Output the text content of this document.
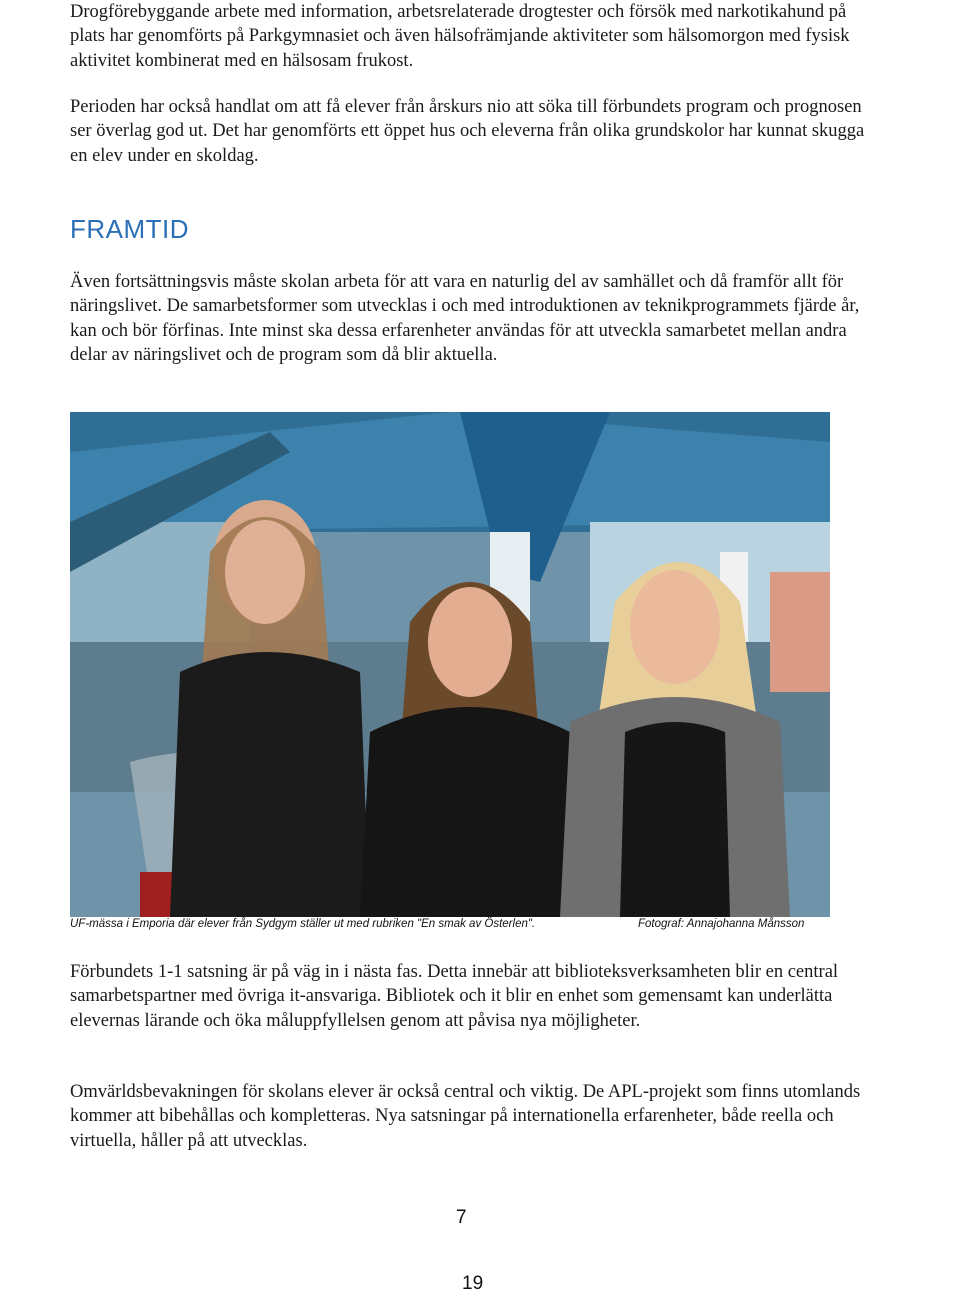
Drogförebyggande arbete med information, arbetsrelaterade drogtester och försök med narkotikahund på plats har genomförts på Parkgymnasiet och även hälsofrämjande aktiviteter som hälsomorgon med fysisk aktivitet kombinerat med en hälsosam frukost.

Perioden har också handlat om att få elever från årskurs nio att söka till förbundets program och prognosen ser överlag god ut. Det har genomförts ett öppet hus och eleverna från olika grundskolor har kunnat skugga en elev under en skoldag.

FRAMTID

Även fortsättningsvis måste skolan arbeta för att vara en naturlig del av samhället och då framför allt för näringslivet. De samarbetsformer som utvecklas i och med introduktionen av teknikprogrammets fjärde år, kan och bör förfinas. Inte minst ska dessa erfarenheter användas för att utveckla samarbetet mellan andra delar av näringslivet och de program som då blir aktuella.

UF-mässa i Emporia där elever från Sydgym ställer ut med rubriken "En smak av Österlen".	Fotograf: Annajohanna Månsson

Förbundets 1-1 satsning är på väg in i nästa fas. Detta innebär att biblioteksverksamheten blir en central samarbetspartner med övriga it-ansvariga. Bibliotek och it blir en enhet som gemensamt kan underlätta elevernas lärande och öka måluppfyllelsen genom att påvisa nya möjligheter.

Omvärldsbevakningen för skolans elever är också central och viktig. De APL-projekt som finns utomlands kommer att bibehållas och kompletteras. Nya satsningar på internationella erfarenheter, både reella och virtuella, håller på att utvecklas.

7
19
